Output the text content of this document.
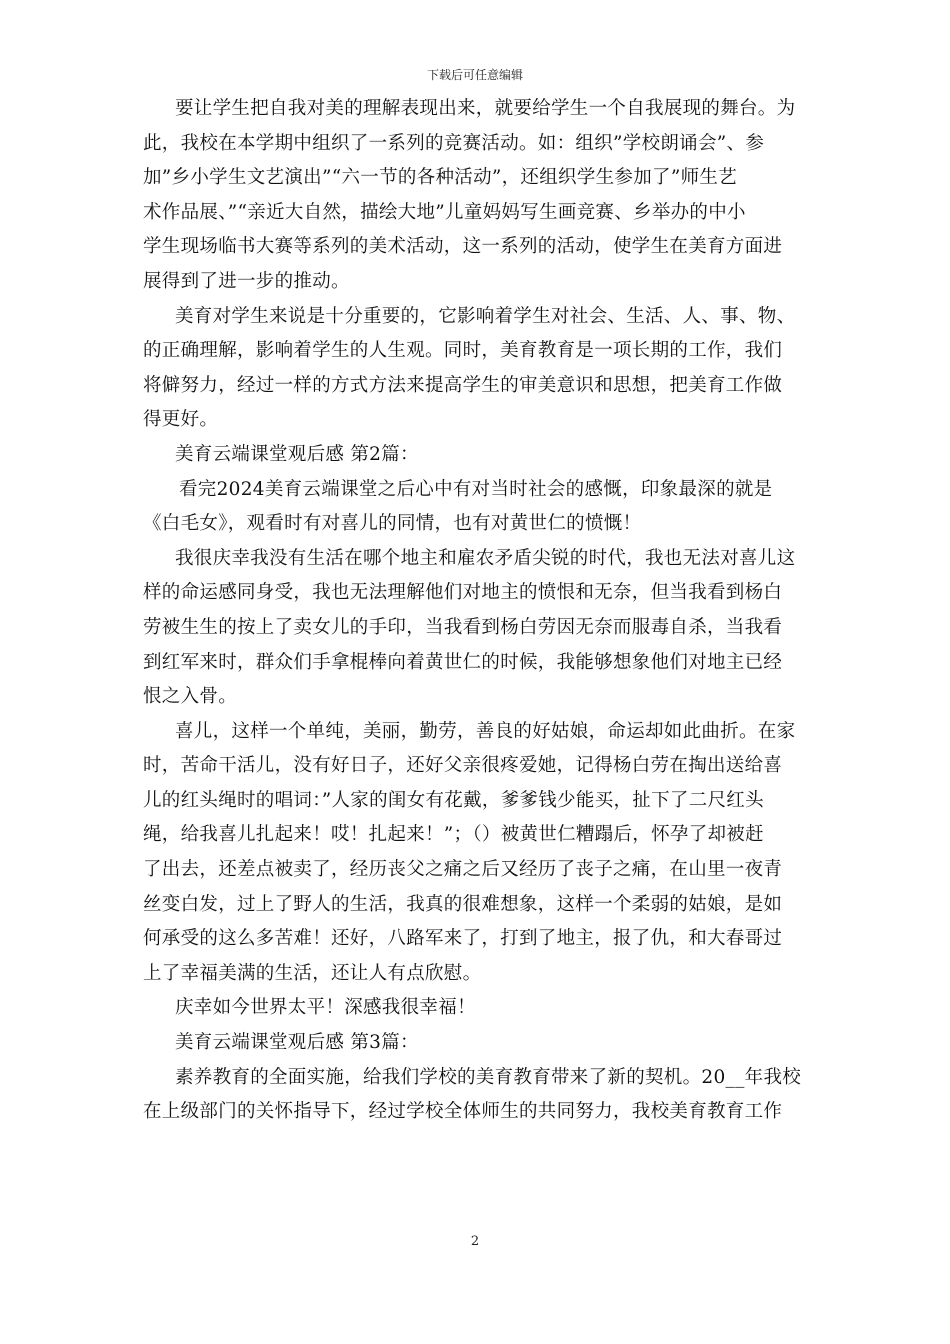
下载后可任意编辑
要让学生把自我对美的理解表现出来，就要给学生一个自我展现的舞台。为
此，我校在本学期中组织了一系列的竞赛活动。如：组织”学校朗诵会”、参
加”乡小学生文艺演出”“六一节的各种活动”，还组织学生参加了”师生艺
术作品展、”“亲近大自然，描绘大地”儿童妈妈写生画竞赛、乡举办的中小
学生现场临书大赛等系列的美术活动，这一系列的活动，使学生在美育方面进
展得到了进一步的推动。
美育对学生来说是十分重要的，它影响着学生对社会、生活、人、事、物、
的正确理解，影响着学生的人生观。同时，美育教育是一项长期的工作，我们
将僻努力，经过一样的方式方法来提高学生的审美意识和思想，把美育工作做
得更好。
美育云端课堂观后感 第2篇：
看完2024美育云端课堂之后心中有对当时社会的感慨，印象最深的就是
《白毛女》，观看时有对喜儿的同情，也有对黄世仁的愤慨！
我很庆幸我没有生活在哪个地主和雇农矛盾尖锐的时代，我也无法对喜儿这
样的命运感同身受，我也无法理解他们对地主的愤恨和无奈，但当我看到杨白
劳被生生的按上了卖女儿的手印，当我看到杨白劳因无奈而服毒自杀，当我看
到红军来时，群众们手拿棍棒向着黄世仁的时候，我能够想象他们对地主已经
恨之入骨。
喜儿，这样一个单纯，美丽，勤劳，善良的好姑娘，命运却如此曲折。在家
时，苦命干活儿，没有好日子，还好父亲很疼爱她，记得杨白劳在掏出送给喜
儿的红头绳时的唱词：”人家的闺女有花戴，爹爹钱少能买，扯下了二尺红头
绳，给我喜儿扎起来！哎！扎起来！”；（）被黄世仁糟蹋后，怀孕了却被赶
了出去，还差点被卖了，经历丧父之痛之后又经历了丧子之痛，在山里一夜青
丝变白发，过上了野人的生活，我真的很难想象，这样一个柔弱的姑娘，是如
何承受的这么多苦难！还好，八路军来了，打到了地主，报了仇，和大春哥过
上了幸福美满的生活，还让人有点欣慰。
庆幸如今世界太平！深感我很幸福！
美育云端课堂观后感 第3篇：
素养教育的全面实施，给我们学校的美育教育带来了新的契机。20__年我校
在上级部门的关怀指导下，经过学校全体师生的共同努力，我校美育教育工作
2
